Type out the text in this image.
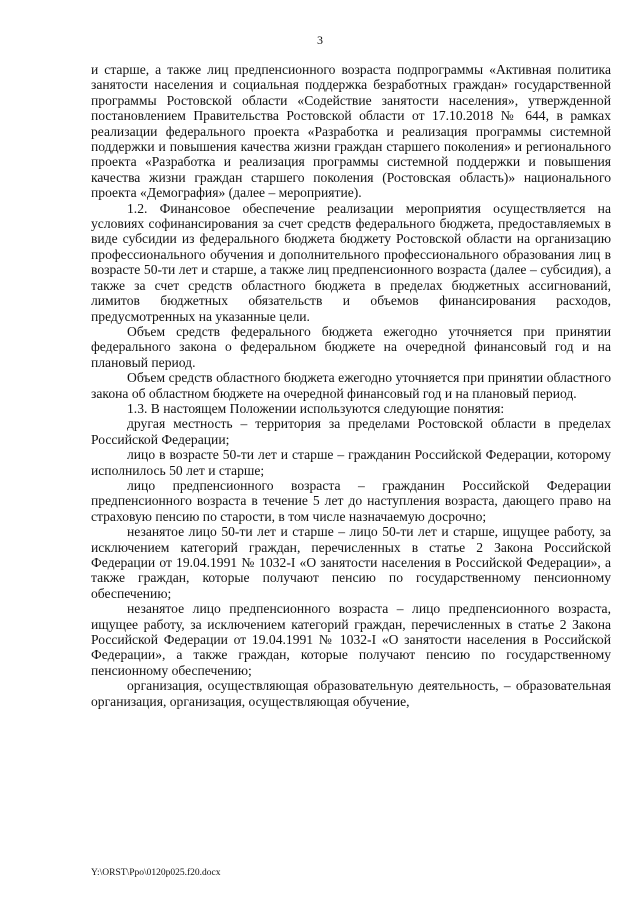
3

и старше, а также лиц предпенсионного возраста подпрограммы «Активная политика занятости населения и социальная поддержка безработных граждан» государственной программы Ростовской области «Содействие занятости населения», утвержденной постановлением Правительства Ростовской области от 17.10.2018 № 644, в рамках реализации федерального проекта «Разработка и реализация программы системной поддержки и повышения качества жизни граждан старшего поколения» и регионального проекта «Разработка и реализация программы системной поддержки и повышения качества жизни граждан старшего поколения (Ростовская область)» национального проекта «Демография» (далее – мероприятие).

1.2. Финансовое обеспечение реализации мероприятия осуществляется на условиях софинансирования за счет средств федерального бюджета, предоставляемых в виде субсидии из федерального бюджета бюджету Ростовской области на организацию профессионального обучения и дополнительного профессионального образования лиц в возрасте 50-ти лет и старше, а также лиц предпенсионного возраста (далее – субсидия), а также за счет средств областного бюджета в пределах бюджетных ассигнований, лимитов бюджетных обязательств и объемов финансирования расходов, предусмотренных на указанные цели.

Объем средств федерального бюджета ежегодно уточняется при принятии федерального закона о федеральном бюджете на очередной финансовый год и на плановый период.

Объем средств областного бюджета ежегодно уточняется при принятии областного закона об областном бюджете на очередной финансовый год и на плановый период.

1.3. В настоящем Положении используются следующие понятия:

другая местность – территория за пределами Ростовской области в пределах Российской Федерации;

лицо в возрасте 50-ти лет и старше – гражданин Российской Федерации, которому исполнилось 50 лет и старше;

лицо предпенсионного возраста – гражданин Российской Федерации предпенсионного возраста в течение 5 лет до наступления возраста, дающего право на страховую пенсию по старости, в том числе назначаемую досрочно;

незанятое лицо 50-ти лет и старше – лицо 50-ти лет и старше, ищущее работу, за исключением категорий граждан, перечисленных в статье 2 Закона Российской Федерации от 19.04.1991 № 1032-I «О занятости населения в Российской Федерации», а также граждан, которые получают пенсию по государственному пенсионному обеспечению;

незанятое лицо предпенсионного возраста – лицо предпенсионного возраста, ищущее работу, за исключением категорий граждан, перечисленных в статье 2 Закона Российской Федерации от 19.04.1991 № 1032-I «О занятости населения в Российской Федерации», а также граждан, которые получают пенсию по государственному пенсионному обеспечению;

организация, осуществляющая образовательную деятельность, – образовательная организация, организация, осуществляющая обучение,

Y:\ORST\Ppo\0120p025.f20.docx
